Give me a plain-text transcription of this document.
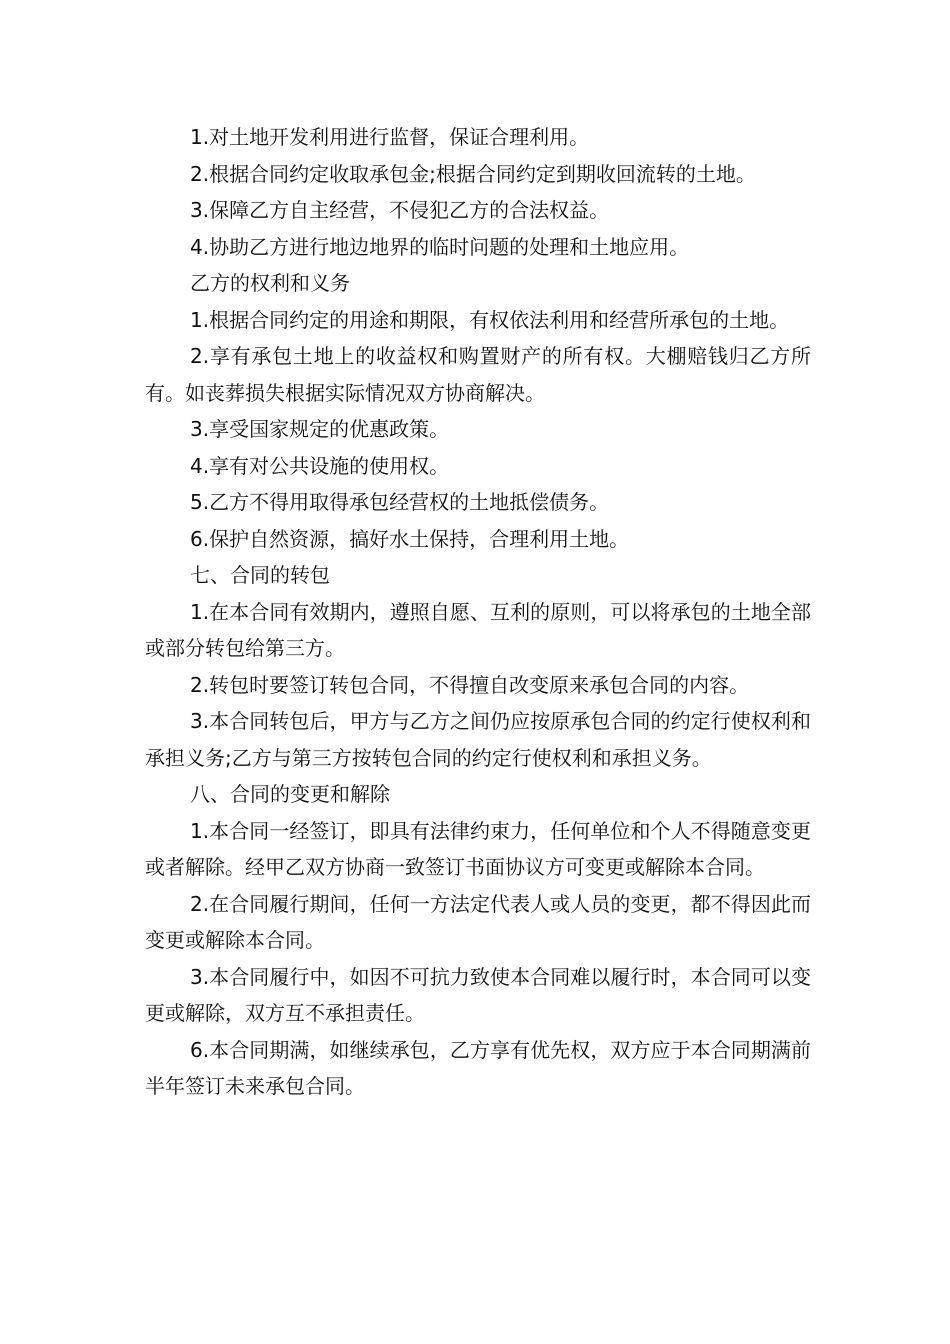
1.对土地开发利用进行监督，保证合理利用。

2.根据合同约定收取承包金;根据合同约定到期收回流转的土地。

3.保障乙方自主经营，不侵犯乙方的合法权益。

4.协助乙方进行地边地界的临时问题的处理和土地应用。

乙方的权利和义务

1.根据合同约定的用途和期限，有权依法利用和经营所承包的土地。

2.享有承包土地上的收益权和购置财产的所有权。大棚赔钱归乙方所有。如丧葬损失根据实际情况双方协商解决。

3.享受国家规定的优惠政策。

4.享有对公共设施的使用权。

5.乙方不得用取得承包经营权的土地抵偿债务。

6.保护自然资源，搞好水土保持，合理利用土地。

七、合同的转包

1.在本合同有效期内，遵照自愿、互利的原则，可以将承包的土地全部或部分转包给第三方。

2.转包时要签订转包合同，不得擅自改变原来承包合同的内容。

3.本合同转包后，甲方与乙方之间仍应按原承包合同的约定行使权利和承担义务;乙方与第三方按转包合同的约定行使权利和承担义务。

八、合同的变更和解除

1.本合同一经签订，即具有法律约束力，任何单位和个人不得随意变更或者解除。经甲乙双方协商一致签订书面协议方可变更或解除本合同。

2.在合同履行期间，任何一方法定代表人或人员的变更，都不得因此而变更或解除本合同。

3.本合同履行中，如因不可抗力致使本合同难以履行时，本合同可以变更或解除，双方互不承担责任。

6.本合同期满，如继续承包，乙方享有优先权，双方应于本合同期满前半年签订未来承包合同。
